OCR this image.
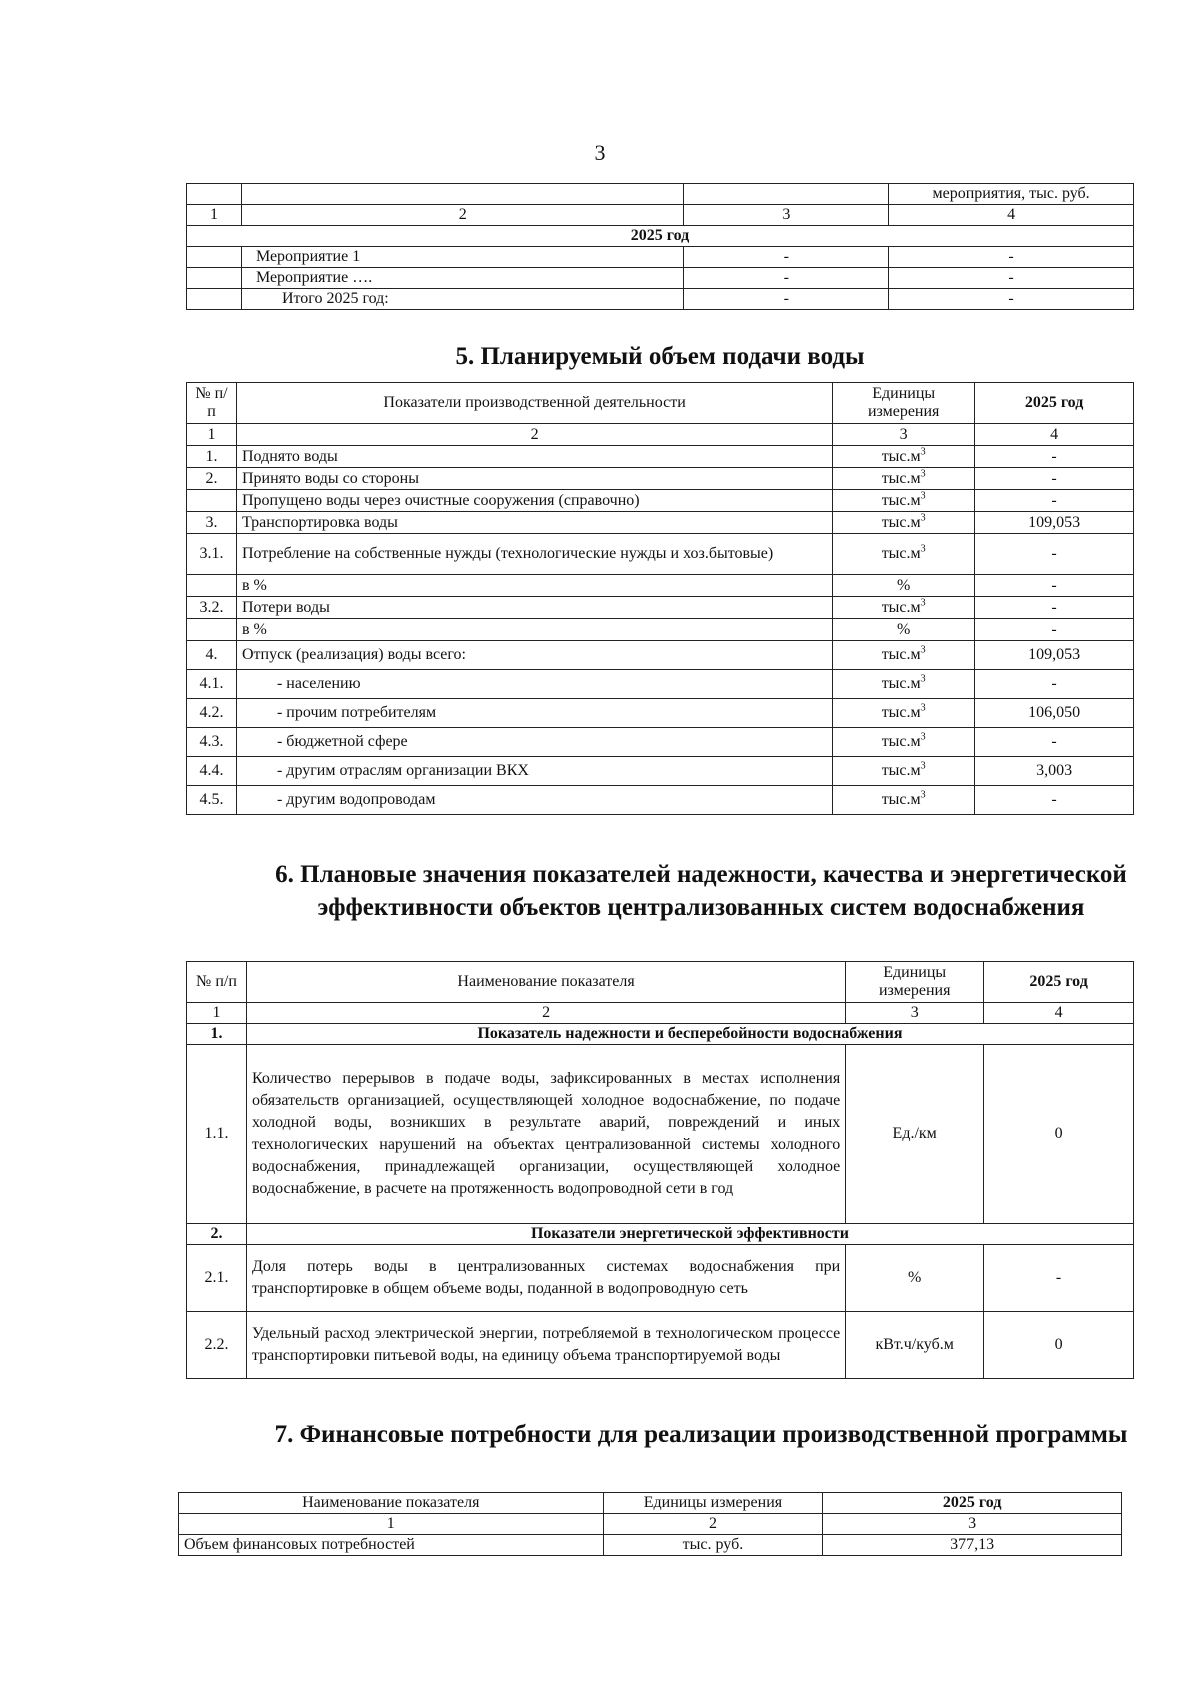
3
			мероприятия, тыс. руб.
1	2	3	4
2025 год			
	Мероприятие 1	-	-
	Мероприятие ….	-	-
	Итого 2025 год:	-	-
5. Планируемый объем подачи воды
№ п/п	Показатели производственной деятельности	Единицы измерения	2025 год
1	2	3	4
1.	Поднято воды	$тыс.м^3$	-
2.	Принято воды со стороны	$тыс.м^3$	-
	Пропущено воды через очистные сооружения (справочно)	$тыс.м^3$	-
3.	Транспортировка воды	$тыс.м^3$	109,053
3.1.	Потребление на собственные нужды (технологические нужды и хоз.бытовые)	$тыс.м^3$	-
	в %	%	-
3.2.	Потери воды	$тыс.м^3$	-
	в %	%	-
4.	Отпуск (реализация) воды всего:	$тыс.м^3$	109,053
4.1.	- населению	$тыс.м^3$	-
4.2.	- прочим потребителям	$тыс.м^3$	106,050
4.3.	- бюджетной сфере	$тыс.м^3$	-
4.4.	- другим отраслям организации ВКХ	$тыс.м^3$	3,003
4.5.	- другим водопроводам	$тыс.м^3$	-
6. Плановые значения показателей надежности, качества и энергетической эффективности объектов централизованных систем водоснабжения
№ п/п	Наименование показателя	Единицы измерения	2025 год
1	2	3	4
1.	Показатель надежности и бесперебойности водоснабжения		
1.1.	Количество перерывов в подаче воды, зафиксированных в местах исполнения обязательств организацией, осуществляющей холодное водоснабжение, по подаче холодной воды, возникших в результате аварий, повреждений и иных технологических нарушений на объектах централизованной системы холодного водоснабжения, принадлежащей организации, осуществляющей холодное водоснабжение, в расчете на протяженность водопроводной сети в год	Ед./км	0
2.	Показатели энергетической эффективности		
2.1.	Доля потерь воды в централизованных системах водоснабжения при транспортировке в общем объеме воды, поданной в водопроводную сеть	%	-
2.2.	Удельный расход электрической энергии, потребляемой в технологическом процессе транспортировки питьевой воды, на единицу объема транспортируемой воды	кВт.ч/куб.м	0
7. Финансовые потребности для реализации производственной программы
Наименование показателя	Единицы измерения	2025 год
1	2	3
Объем финансовых потребностей	тыс. руб.	377,13
